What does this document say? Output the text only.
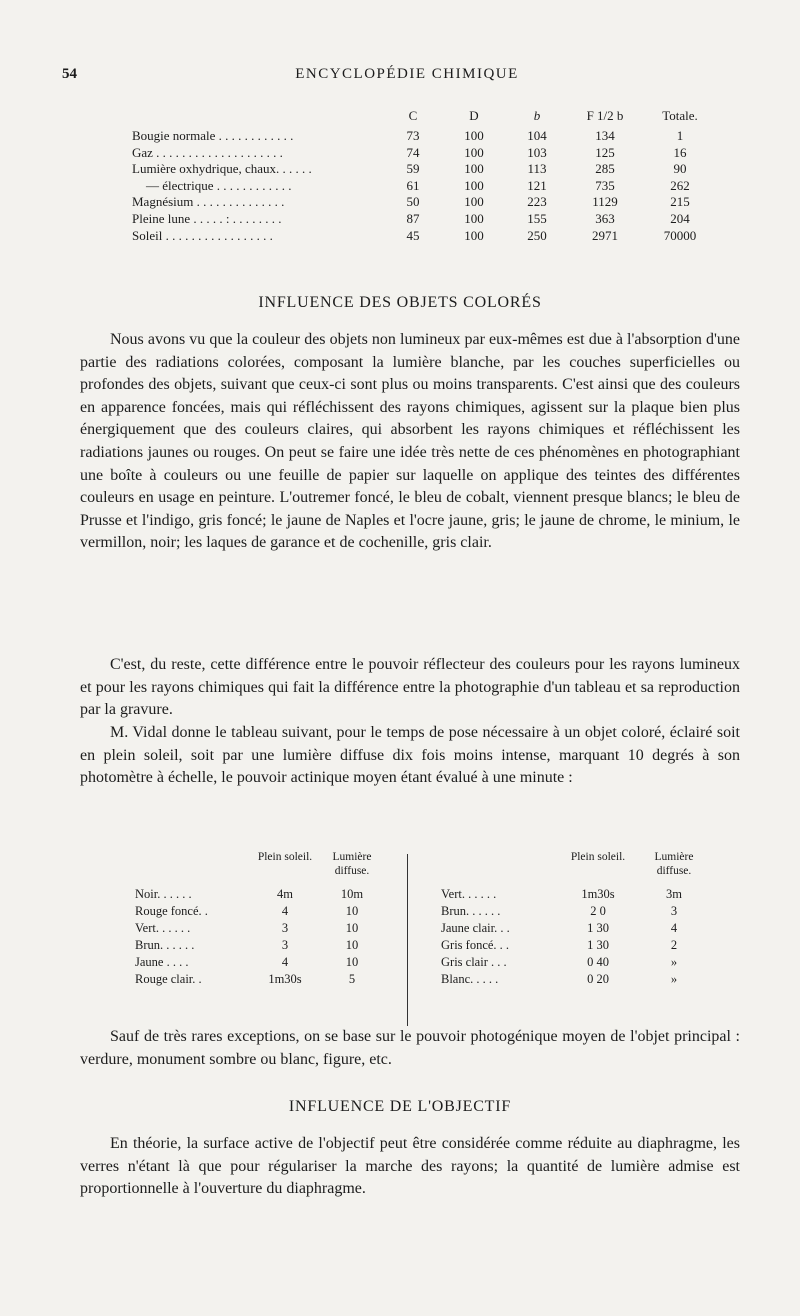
54	ENCYCLOPÉDIE CHIMIQUE
C	D	b	F 1/2 b	Totale.
Bougie normale . . . . . . . . . . . .	73	100	104	134	1
Gaz . . . . . . . . . . . . . . . . . . . .	74	100	103	125	16
Lumière oxhydrique, chaux. . . . . .	59	100	113	285	90
— électrique . . . . . . . . . . . .	61	100	121	735	262
Magnésium . . . . . . . . . . . . . .	50	100	223	1129	215
Pleine lune . . . . . : . . . . . . . .	87	100	155	363	204
Soleil . . . . . . . . . . . . . . . . .	45	100	250	2971	70000
INFLUENCE DES OBJETS COLORÉS
Nous avons vu que la couleur des objets non lumineux par eux-mêmes est due à l'absorption d'une partie des radiations colorées, composant la lumière blanche, par les couches superficielles ou profondes des objets, suivant que ceux-ci sont plus ou moins transparents. C'est ainsi que des couleurs en apparence foncées, mais qui réfléchissent des rayons chimiques, agissent sur la plaque bien plus énergiquement que des couleurs claires, qui absorbent les rayons chimiques et réfléchissent les radiations jaunes ou rouges. On peut se faire une idée très nette de ces phénomènes en photographiant une boîte à couleurs ou une feuille de papier sur laquelle on applique des teintes des différentes couleurs en usage en peinture. L'outremer foncé, le bleu de cobalt, viennent presque blancs; le bleu de Prusse et l'indigo, gris foncé; le jaune de Naples et l'ocre jaune, gris; le jaune de chrome, le minium, le vermillon, noir; les laques de garance et de cochenille, gris clair.
C'est, du reste, cette différence entre le pouvoir réflecteur des couleurs pour les rayons lumineux et pour les rayons chimiques qui fait la différence entre la photographie d'un tableau et sa reproduction par la gravure.
M. Vidal donne le tableau suivant, pour le temps de pose nécessaire à un objet coloré, éclairé soit en plein soleil, soit par une lumière diffuse dix fois moins intense, marquant 10 degrés à son photomètre à échelle, le pouvoir actinique moyen étant évalué à une minute :
Plein soleil.	Lumière diffuse.
Noir. . . . . .	4m	10m
Rouge foncé. .	4	10
Vert. . . . . .	3	10
Brun. . . . . .	3	10
Jaune . . . .	4	10
Rouge clair. .	1m30s	5
Plein soleil.	Lumière diffuse.
Vert. . . . . .	1m30s	3m
Brun. . . . . .	2 0	3
Jaune clair. . .	1 30	4
Gris foncé. . .	1 30	2
Gris clair . . .	0 40	»
Blanc. . . . .	0 20	»
Sauf de très rares exceptions, on se base sur le pouvoir photogénique moyen de l'objet principal : verdure, monument sombre ou blanc, figure, etc.
INFLUENCE DE L'OBJECTIF
En théorie, la surface active de l'objectif peut être considérée comme réduite au diaphragme, les verres n'étant là que pour régulariser la marche des rayons; la quantité de lumière admise est proportionnelle à l'ouverture du diaphragme.
